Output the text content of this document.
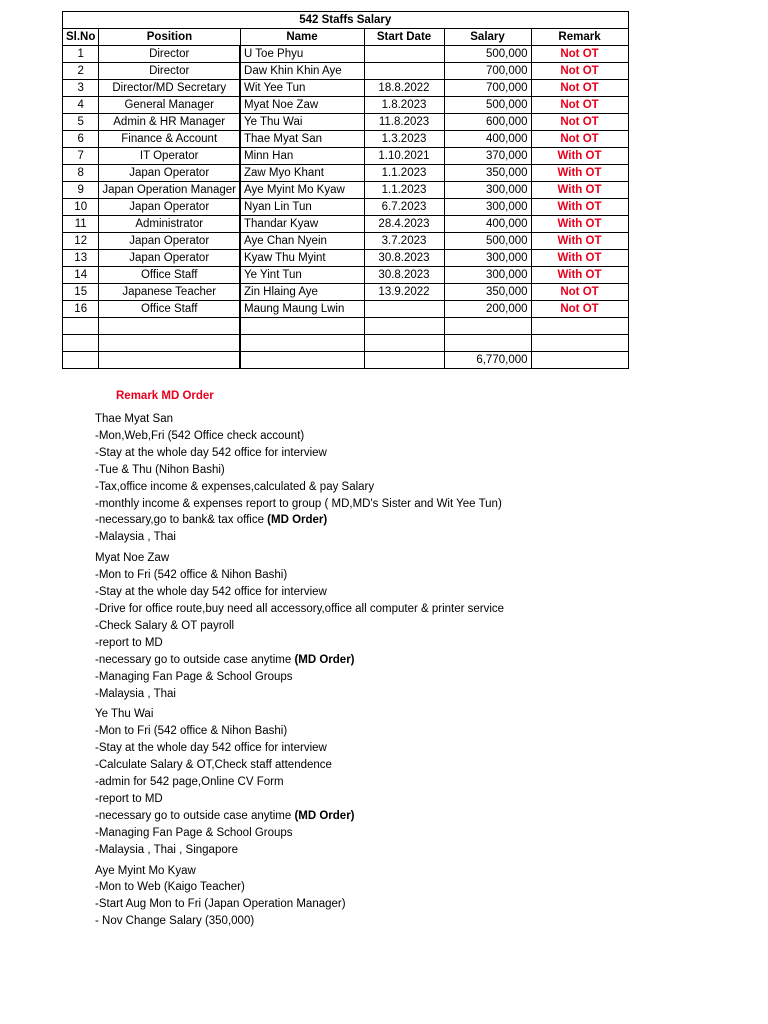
542 Staffs Salary					
Sl.No	Position	Name	Start Date	Salary	Remark
1	Director	U Toe Phyu		500,000	Not OT
2	Director	Daw Khin Khin Aye		700,000	Not OT
3	Director/MD Secretary	Wit Yee Tun	18.8.2022	700,000	Not OT
4	General Manager	Myat Noe Zaw	1.8.2023	500,000	Not OT
5	Admin & HR Manager	Ye Thu Wai	11.8.2023	600,000	Not OT
6	Finance & Account	Thae Myat San	1.3.2023	400,000	Not OT
7	IT Operator	Minn Han	1.10.2021	370,000	With OT
8	Japan Operator	Zaw Myo Khant	1.1.2023	350,000	With OT
9	Japan Operation Manager	Aye Myint Mo Kyaw	1.1.2023	300,000	With OT
10	Japan Operator	Nyan Lin Tun	6.7.2023	300,000	With OT
11	Administrator	Thandar Kyaw	28.4.2023	400,000	With OT
12	Japan Operator	Aye Chan Nyein	3.7.2023	500,000	With OT
13	Japan Operator	Kyaw Thu Myint	30.8.2023	300,000	With OT
14	Office Staff	Ye Yint Tun	30.8.2023	300,000	With OT
15	Japanese Teacher	Zin Hlaing Aye	13.9.2022	350,000	Not OT
16	Office Staff	Maung Maung Lwin		200,000	Not OT

				6,770,000	
Remark MD Order
Thae Myat San
-Mon,Web,Fri (542 Office check account)
-Stay at the whole day 542 office for interview
-Tue & Thu (Nihon Bashi)
-Tax,office income & expenses,calculated & pay Salary
-monthly income & expenses report to group ( MD,MD's Sister and Wit Yee Tun)
-necessary,go to bank& tax office (MD Order)
-Malaysia , Thai
Myat Noe Zaw
-Mon to Fri (542 office & Nihon Bashi)
-Stay at the whole day 542 office for interview
-Drive for office route,buy need all accessory,office all computer & printer service
-Check Salary & OT payroll
-report to MD
-necessary go to outside case anytime (MD Order)
-Managing Fan Page & School Groups
-Malaysia , Thai
Ye Thu Wai
-Mon to Fri (542 office & Nihon Bashi)
-Stay at the whole day 542 office for interview
-Calculate Salary & OT,Check staff attendence
-admin for 542 page,Online CV Form
-report to MD
-necessary go to outside case anytime (MD Order)
-Managing Fan Page & School Groups
-Malaysia , Thai , Singapore
Aye Myint Mo Kyaw
-Mon to Web (Kaigo Teacher)
-Start Aug Mon to Fri (Japan Operation Manager)
- Nov Change Salary (350,000)
